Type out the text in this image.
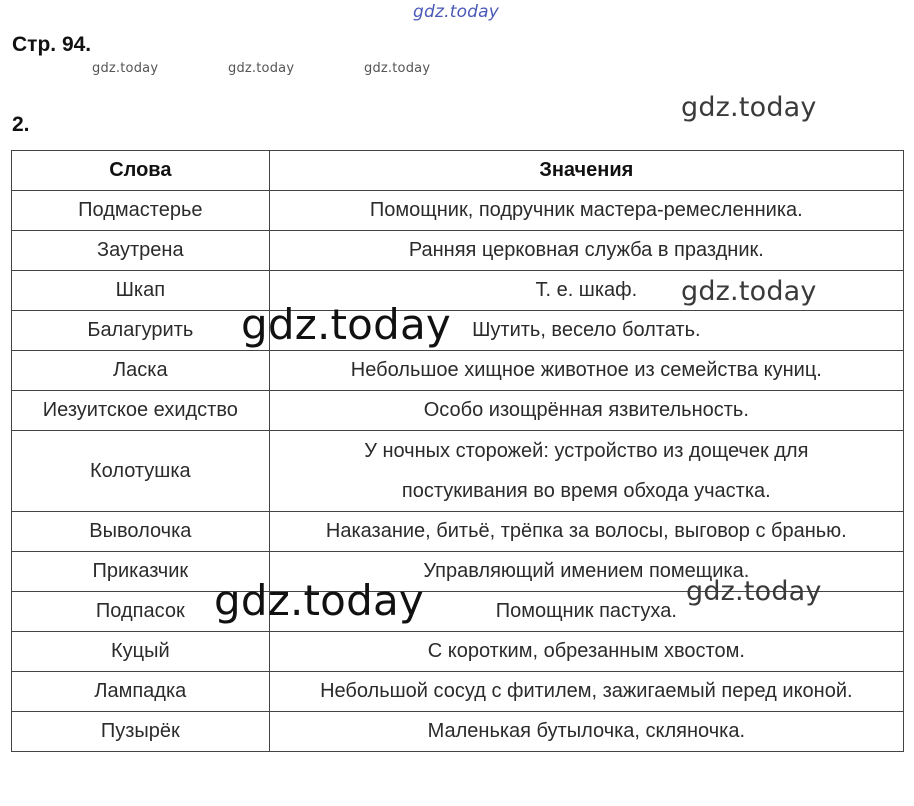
Стр. 94.
2.
Слова	Значения
Подмастерье	Помощник, подручник мастера-ремесленника.
Заутрена	Ранняя церковная служба в праздник.
Шкап	Т. е. шкаф.
Балагурить	Шутить, весело болтать.
Ласка	Небольшое хищное животное из семейства куниц.
Иезуитское ехидство	Особо изощрённая язвительность.
Колотушка	У ночных сторожей: устройство из дощечек для
постукивания во время обхода участка.

Выволочка	Наказание, битьё, трёпка за волосы, выговор с бранью.
Приказчик	Управляющий имением помещика.
Подпасок	Помощник пастуха.
Куцый	С коротким, обрезанным хвостом.
Лампадка	Небольшой сосуд с фитилем, зажигаемый перед иконой.
Пузырёк	Маленькая бутылочка, скляночка.
gdz.today
gdz.today	gdz.today	gdz.today
gdz.today
gdz.today
gdz.today
gdz.today
gdz.today
